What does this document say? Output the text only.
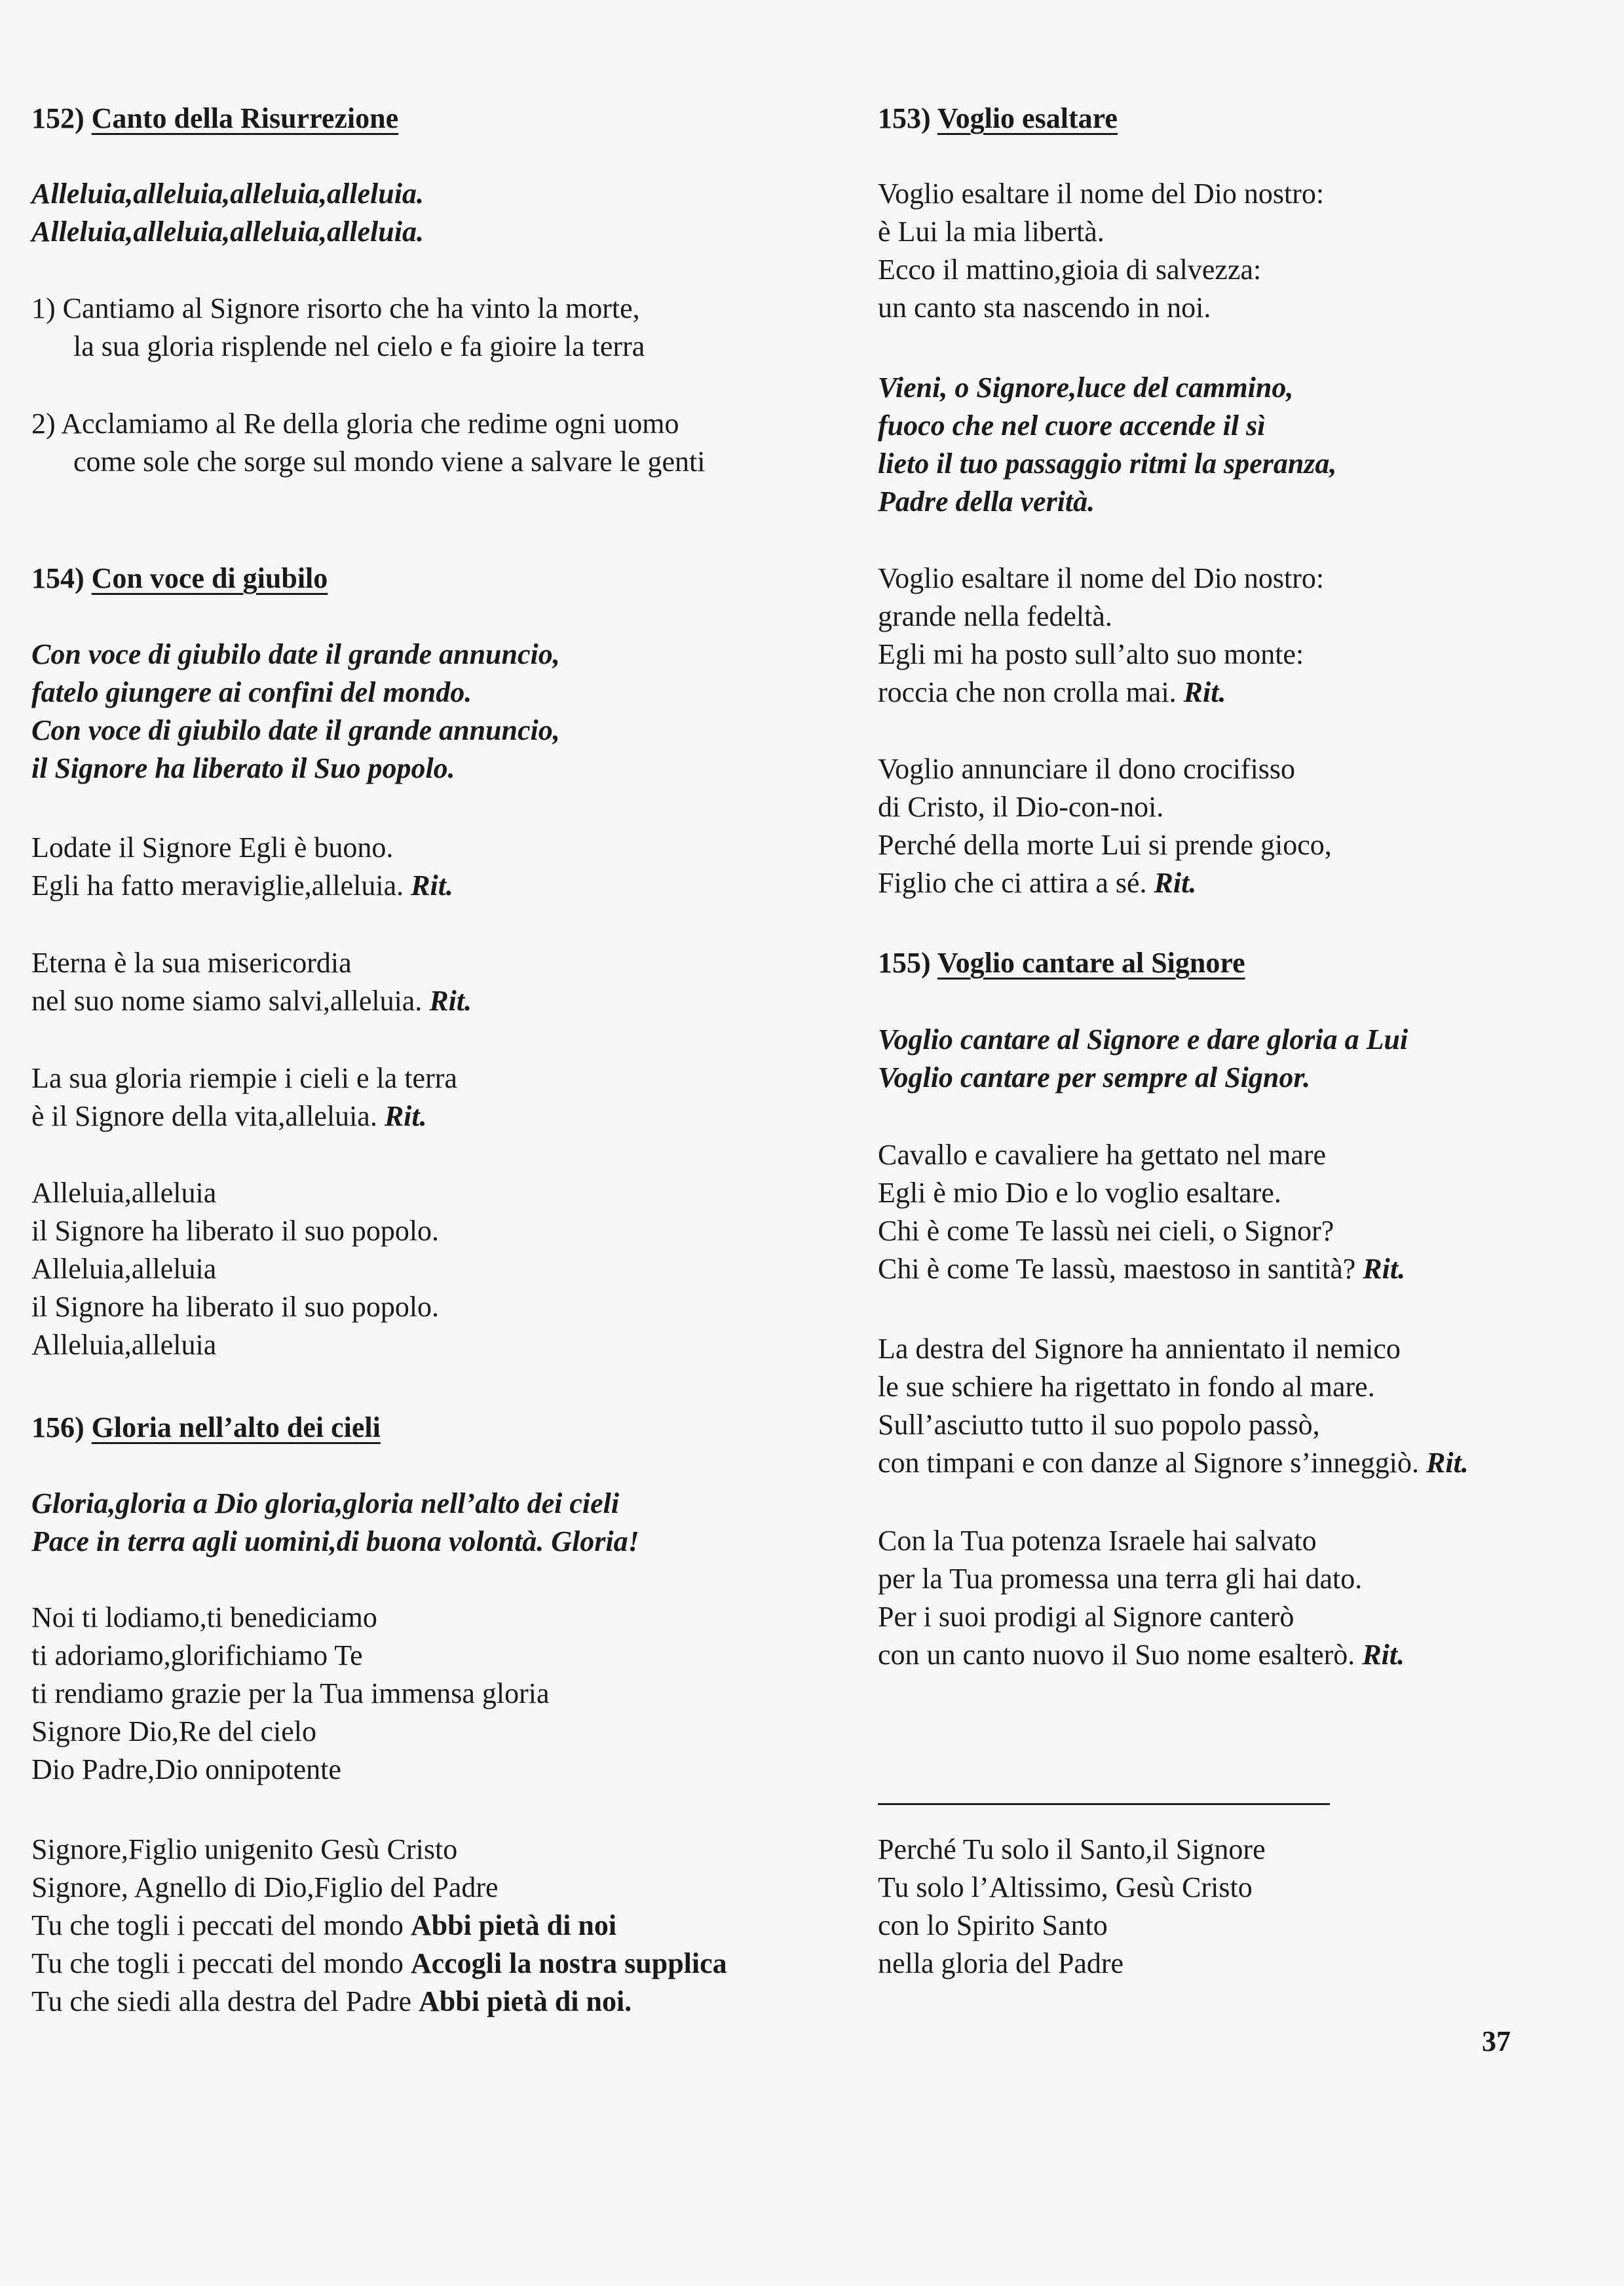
152) Canto della Risurrezione
Alleluia,alleluia,alleluia,alleluia.
Alleluia,alleluia,alleluia,alleluia.
1) Cantiamo al Signore risorto che ha vinto la morte,
la sua gloria risplende nel cielo e fa gioire la terra
2) Acclamiamo al Re della gloria che redime ogni uomo
come sole che sorge sul mondo viene a salvare le genti
154) Con voce di giubilo
Con voce di giubilo date il grande annuncio,
fatelo giungere ai confini del mondo.
Con voce di giubilo date il grande annuncio,
il Signore ha liberato il Suo popolo.
Lodate il Signore Egli è buono.
Egli ha fatto meraviglie,alleluia. Rit.
Eterna è la sua misericordia
nel suo nome siamo salvi,alleluia. Rit.
La sua gloria riempie i cieli e la terra
è il Signore della vita,alleluia. Rit.
Alleluia,alleluia
il Signore ha liberato il suo popolo.
Alleluia,alleluia
il Signore ha liberato il suo popolo.
Alleluia,alleluia
156) Gloria nell’alto dei cieli
Gloria,gloria a Dio gloria,gloria nell’alto dei cieli
Pace in terra agli uomini,di buona volontà. Gloria!
Noi ti lodiamo,ti benediciamo
ti adoriamo,glorifichiamo Te
ti rendiamo grazie per la Tua immensa gloria
Signore Dio,Re del cielo
Dio Padre,Dio onnipotente
Signore,Figlio unigenito Gesù Cristo
Signore, Agnello di Dio,Figlio del Padre
Tu che togli i peccati del mondo Abbi pietà di noi
Tu che togli i peccati del mondo Accogli la nostra supplica
Tu che siedi alla destra del Padre Abbi pietà di noi.
153) Voglio esaltare
Voglio esaltare il nome del Dio nostro:
è Lui la mia libertà.
Ecco il mattino,gioia di salvezza:
un canto sta nascendo in noi.
Vieni, o Signore,luce del cammino,
fuoco che nel cuore accende il sì
lieto il tuo passaggio ritmi la speranza,
Padre della verità.
Voglio esaltare il nome del Dio nostro:
grande nella fedeltà.
Egli mi ha posto sull’alto suo monte:
roccia che non crolla mai. Rit.
Voglio annunciare il dono crocifisso
di Cristo, il Dio-con-noi.
Perché della morte Lui si prende gioco,
Figlio che ci attira a sé. Rit.
155) Voglio cantare al Signore
Voglio cantare al Signore e dare gloria a Lui
Voglio cantare per sempre al Signor.
Cavallo e cavaliere ha gettato nel mare
Egli è mio Dio e lo voglio esaltare.
Chi è come Te lassù nei cieli, o Signor?
Chi è come Te lassù, maestoso in santità? Rit.
La destra del Signore ha annientato il nemico
le sue schiere ha rigettato in fondo al mare.
Sull’asciutto tutto il suo popolo passò,
con timpani e con danze al Signore s’inneggiò. Rit.
Con la Tua potenza Israele hai salvato
per la Tua promessa una terra gli hai dato.
Per i suoi prodigi al Signore canterò
con un canto nuovo il Suo nome esalterò. Rit.
Perché Tu solo il Santo,il Signore
Tu solo l’Altissimo, Gesù Cristo
con lo Spirito Santo
nella gloria del Padre
37
